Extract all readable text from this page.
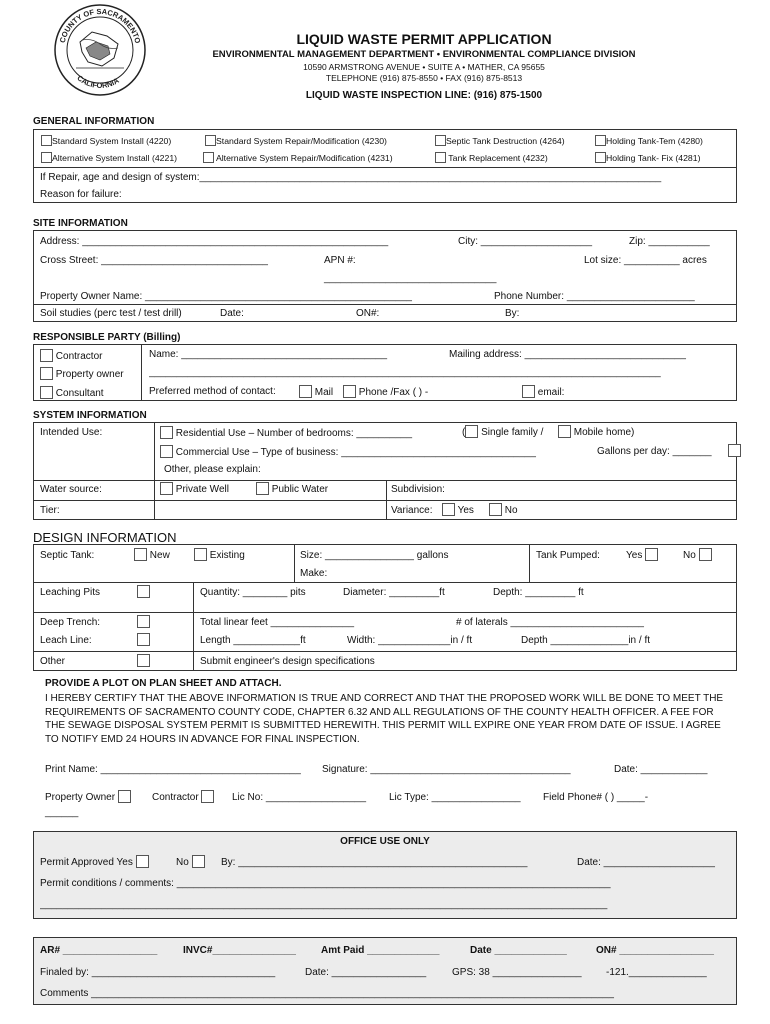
COUNTY OF SACRAMENTO
CALIFORNIA
LIQUID WASTE PERMIT APPLICATION
ENVIRONMENTAL MANAGEMENT DEPARTMENT • ENVIRONMENTAL COMPLIANCE DIVISION
10590 ARMSTRONG AVENUE • SUITE A • MATHER, CA 95655
TELEPHONE (916) 875-8550 • FAX (916) 875-8513
LIQUID WASTE INSPECTION LINE: (916) 875-1500
GENERAL INFORMATION
Standard System Install (4220)	Standard System Repair/Modification (4230)	Septic Tank Destruction (4264)	Holding Tank-Tem (4280)
Alternative System Install (4221)	Alternative System Repair/Modification (4231)	Tank Replacement (4232)	Holding Tank- Fix (4281)
If Repair, age and design of system:___________________________________________________________________________________
Reason for failure:
SITE INFORMATION
Address: _______________________________________________________	City: ____________________	Zip: ___________
Cross Street: ______________________________	APN #:	Lot size: __________ acres
_______________________________
Property Owner Name: ________________________________________________	Phone Number: _______________________
Soil studies (perc test / test drill)	Date:	ON#:	By:
RESPONSIBLE PARTY (Billing)
Contractor
Property owner
Consultant
Name: _____________________________________	Mailing address: _____________________________
____________________________________________________________________________________________
Preferred method of contact:	Mail	Phone /Fax ( ) -	email:
SYSTEM INFORMATION
Intended Use:	Residential Use – Number of bedrooms: __________	( Single family /	Mobile home)
Commercial Use – Type of business: ___________________________________	Gallons per day: _______
Other, please explain:
Water source:	Private Well	Public Water	Subdivision:
Tier:	Variance:	Yes	No
DESIGN INFORMATION
Septic Tank:	New	Existing	Size: ________________ gallons
Make:
Tank Pumped:	Yes	No
Leaching Pits	Quantity: ________ pits	Diameter: _________ft	Depth: _________ ft
Deep Trench:
Leach Line:
Total linear feet _______________	# of laterals ________________________
Length ____________ft	Width: _____________in / ft	Depth ______________in / ft
Other	Submit engineer's design specifications
PROVIDE A PLOT ON PLAN SHEET AND ATTACH.
I HEREBY CERTIFY THAT THE ABOVE INFORMATION IS TRUE AND CORRECT AND THAT THE PROPOSED WORK WILL BE DONE TO MEET THE REQUIREMENTS OF SACRAMENTO COUNTY CODE, CHAPTER 6.32 AND ALL REGULATIONS OF THE COUNTY HEALTH OFFICER. A FEE FOR THE SEWAGE DISPOSAL SYSTEM PERMIT IS SUBMITTED HEREWITH. THIS PERMIT WILL EXPIRE ONE YEAR FROM DATE OF ISSUE. I AGREE TO NOTIFY EMD 24 HOURS IN ADVANCE FOR FINAL INSPECTION.
Print Name: ____________________________________ Signature: ____________________________________	Date: ____________
Property Owner	Contractor	Lic No: __________________ Lic Type: ________________ Field Phone# ( ) _____-
______
OFFICE USE ONLY
Permit Approved Yes	No	By: ____________________________________________________	Date: ____________________
Permit conditions / comments: ______________________________________________________________________________
______________________________________________________________________________________________________
AR# _________________	INVC#_______________	Amt Paid _____________	Date _____________	ON# _________________
Finaled by: _________________________________	Date: _________________	GPS: 38 ________________ -121.______________
Comments ______________________________________________________________________________________________
